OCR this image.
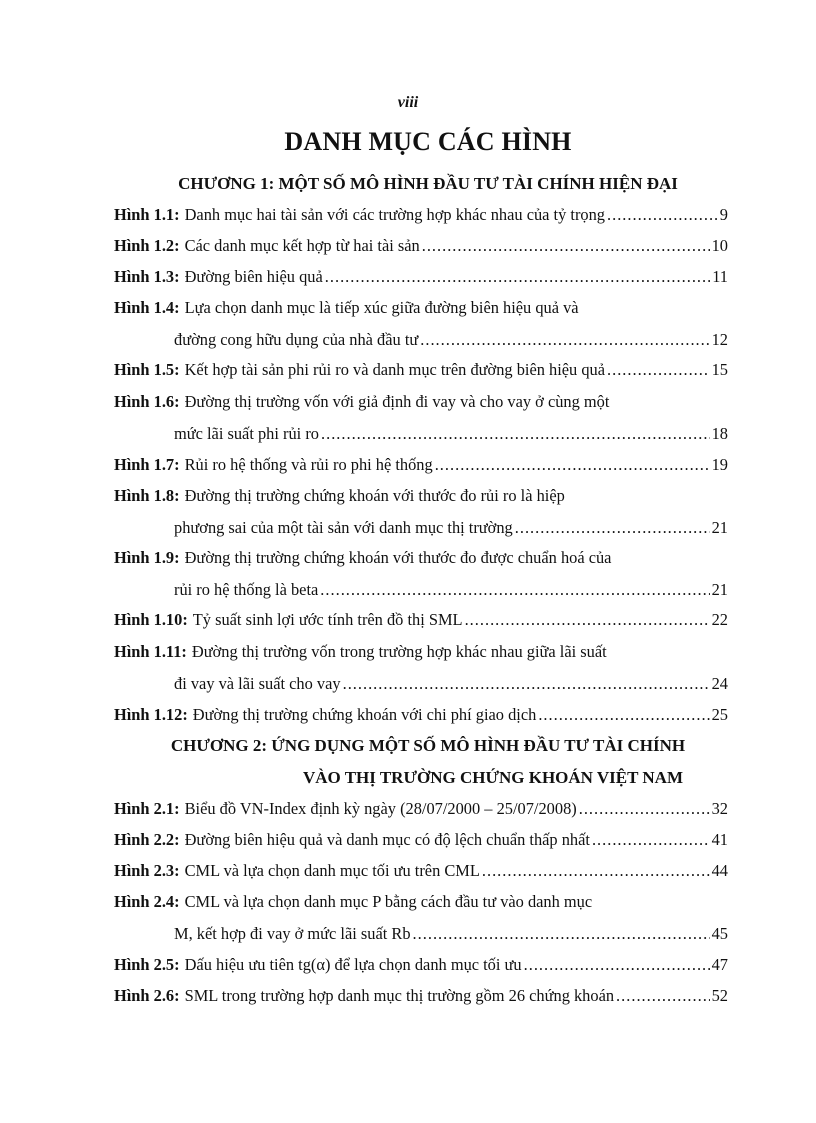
viii
DANH MỤC CÁC HÌNH
CHƯƠNG 1: MỘT SỐ MÔ HÌNH ĐẦU TƯ TÀI CHÍNH HIỆN ĐẠI
Hình 1.1: Danh mục hai tài sản với các trường hợp khác nhau của tỷ trọng .....	9
Hình 1.2: Các danh mục kết hợp từ hai tài sản .....	10
Hình 1.3: Đường biên hiệu quả .....	11
Hình 1.4: Lựa chọn danh mục là tiếp xúc giữa đường biên hiệu quả và
đường cong hữu dụng của nhà đầu tư .....	12
Hình 1.5: Kết hợp tài sản phi rủi ro và danh mục trên đường biên hiệu quả .....	15
Hình 1.6: Đường thị trường vốn với giả định đi vay và cho vay ở cùng một
mức lãi suất phi rủi ro .....	18
Hình 1.7: Rủi ro hệ thống và rủi ro phi hệ thống .....	19
Hình 1.8: Đường thị trường chứng khoán với thước đo rủi ro là hiệp
phương sai của một tài sản với danh mục thị trường .....	21
Hình 1.9: Đường thị trường chứng khoán với thước đo được chuẩn hoá của
rủi ro hệ thống là beta .....	21
Hình 1.10: Tỷ suất sinh lợi ước tính trên đồ thị SML .....	22
Hình 1.11: Đường thị trường vốn trong trường hợp khác nhau giữa lãi suất
đi vay và lãi suất cho vay .....	24
Hình 1.12: Đường thị trường chứng khoán với chi phí giao dịch .....	25
CHƯƠNG 2: ỨNG DỤNG MỘT SỐ MÔ HÌNH ĐẦU TƯ TÀI CHÍNH
VÀO THỊ TRƯỜNG CHỨNG KHOÁN VIỆT NAM
Hình 2.1: Biểu đồ VN-Index định kỳ ngày (28/07/2000 – 25/07/2008) .....	32
Hình 2.2: Đường biên hiệu quả và danh mục có độ lệch chuẩn thấp nhất .....	41
Hình 2.3: CML và lựa chọn danh mục tối ưu trên CML .....	44
Hình 2.4: CML và lựa chọn danh mục P bằng cách đầu tư vào danh mục
M, kết hợp đi vay ở mức lãi suất Rb .....	45
Hình 2.5: Dấu hiệu ưu tiên tg(α) để lựa chọn danh mục tối ưu .....	47
Hình 2.6: SML trong trường hợp danh mục thị trường gồm 26 chứng khoán .....	52
